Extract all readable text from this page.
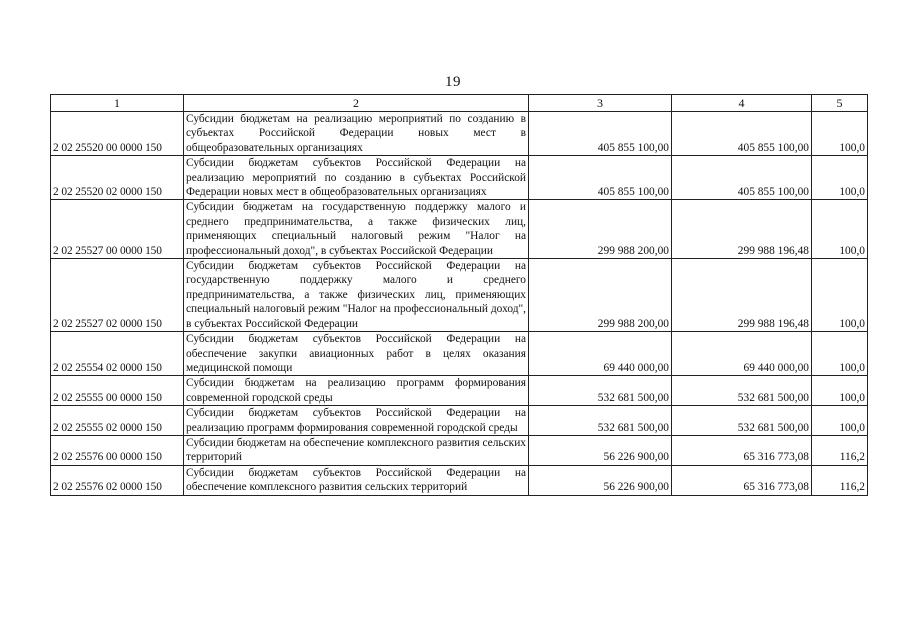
19
1	2	3	4	5
2 02 25520 00 0000 150	Субсидии бюджетам на реализацию мероприятий по созданию в субъектах Российской Федерации новых мест в общеобразовательных организациях	405 855 100,00	405 855 100,00	100,0
2 02 25520 02 0000 150	Субсидии бюджетам субъектов Российской Федерации на реализацию мероприятий по созданию в субъектах Российской Федерации новых мест в общеобразовательных организациях	405 855 100,00	405 855 100,00	100,0
2 02 25527 00 0000 150	Субсидии бюджетам на государственную поддержку малого и среднего предпринимательства, а также физических лиц, применяющих специальный налоговый режим "Налог на профессиональный доход", в субъектах Российской Федерации	299 988 200,00	299 988 196,48	100,0
2 02 25527 02 0000 150	Субсидии бюджетам субъектов Российской Федерации на государственную поддержку малого и среднего предпринимательства, а также физических лиц, применяющих специальный налоговый режим "Налог на профессиональный доход", в субъектах Российской Федерации	299 988 200,00	299 988 196,48	100,0
2 02 25554 02 0000 150	Субсидии бюджетам субъектов Российской Федерации на обеспечение закупки авиационных работ в целях оказания медицинской помощи	69 440 000,00	69 440 000,00	100,0
2 02 25555 00 0000 150	Субсидии бюджетам на реализацию программ формирования современной городской среды	532 681 500,00	532 681 500,00	100,0
2 02 25555 02 0000 150	Субсидии бюджетам субъектов Российской Федерации на реализацию программ формирования современной городской среды	532 681 500,00	532 681 500,00	100,0
2 02 25576 00 0000 150	Субсидии бюджетам на обеспечение комплексного развития сельских территорий	56 226 900,00	65 316 773,08	116,2
2 02 25576 02 0000 150	Субсидии бюджетам субъектов Российской Федерации на обеспечение комплексного развития сельских территорий	56 226 900,00	65 316 773,08	116,2
